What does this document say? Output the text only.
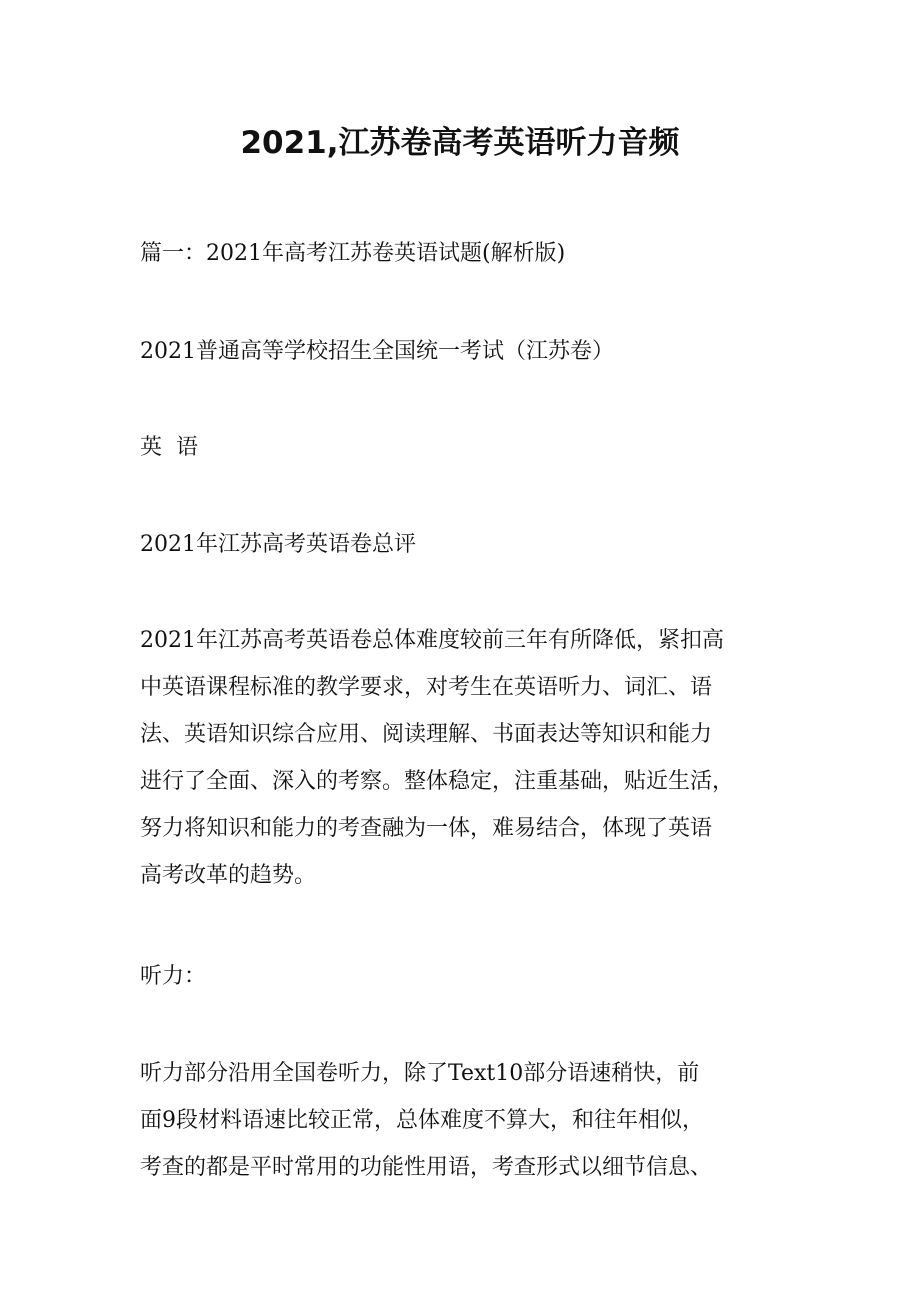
2021,江苏卷高考英语听力音频

篇一：2021年高考江苏卷英语试题(解析版)

2021普通高等学校招生全国统一考试（江苏卷）

英  语

2021年江苏高考英语卷总评

2021年江苏高考英语卷总体难度较前三年有所降低，紧扣高
中英语课程标准的教学要求，对考生在英语听力、词汇、语
法、英语知识综合应用、阅读理解、书面表达等知识和能力
进行了全面、深入的考察。整体稳定，注重基础，贴近生活，
努力将知识和能力的考查融为一体，难易结合，体现了英语
高考改革的趋势。

听力：

听力部分沿用全国卷听力，除了Text10部分语速稍快，前
面9段材料语速比较正常，总体难度不算大，和往年相似，
考查的都是平时常用的功能性用语，考查形式以细节信息、
